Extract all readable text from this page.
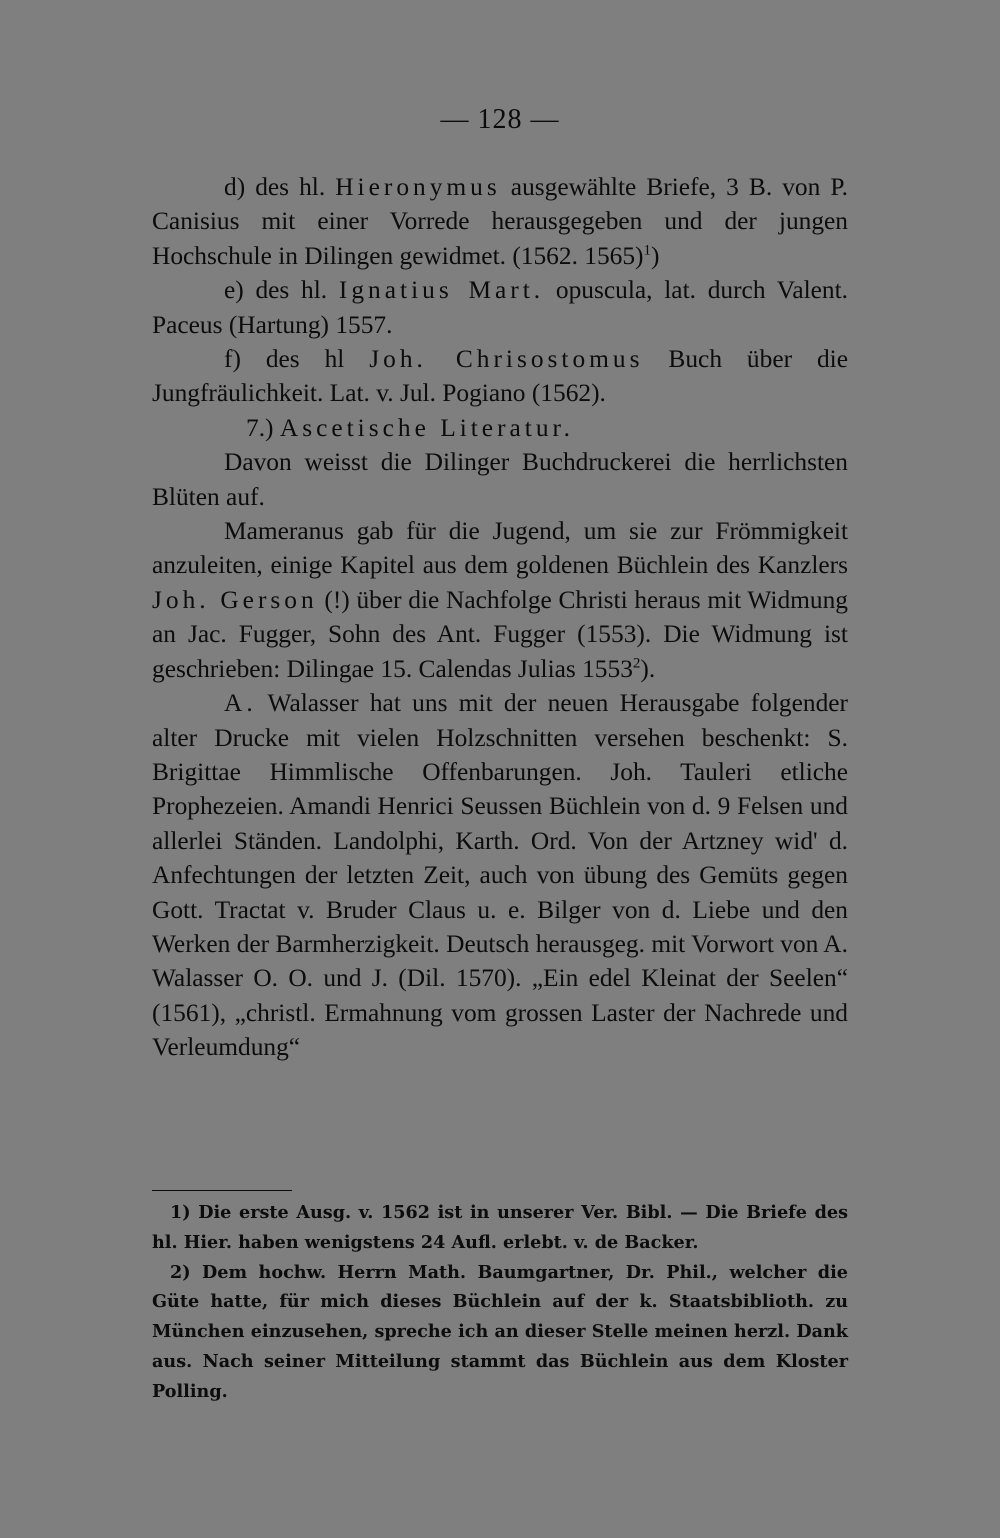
— 128 —

d) des hl. Hieronymus ausgewählte Briefe, 3 B. von P. Canisius mit einer Vorrede herausgegeben und der jungen Hochschule in Dilingen gewidmet. (1562. 1565)$^1$)

e) des hl. Ignatius Mart. opuscula, lat. durch Valent. Paceus (Hartung) 1557.

f) des hl Joh. Chrisostomus Buch über die Jungfräulichkeit. Lat. v. Jul. Pogiano (1562).

7.) Ascetische Literatur.

Davon weisst die Dilinger Buchdruckerei die herrlichsten Blüten auf.

Mameranus gab für die Jugend, um sie zur Frömmigkeit anzuleiten, einige Kapitel aus dem goldenen Büchlein des Kanzlers Joh. Gerson (!) über die Nachfolge Christi heraus mit Widmung an Jac. Fugger, Sohn des Ant. Fugger (1553). Die Widmung ist geschrieben: Dilingae 15. Calendas Julias 1553$^2$).

A. Walasser hat uns mit der neuen Herausgabe folgender alter Drucke mit vielen Holzschnitten versehen beschenkt: S. Brigittae Himmlische Offenbarungen. Joh. Tauleri etliche Prophezeien. Amandi Henrici Seussen Büchlein von d. 9 Felsen und allerlei Ständen. Landolphi, Karth. Ord. Von der Artzney wid' d. Anfechtungen der letzten Zeit, auch von übung des Gemüts gegen Gott. Tractat v. Bruder Claus u. e. Bilger von d. Liebe und den Werken der Barmherzigkeit. Deutsch herausgeg. mit Vorwort von A. Walasser O. O. und J. (Dil. 1570). „Ein edel Kleinat der Seelen“ (1561), „christl. Ermahnung vom grossen Laster der Nachrede und Verleumdung“

1) Die erste Ausg. v. 1562 ist in unserer Ver. Bibl. — Die Briefe des hl. Hier. haben wenigstens 24 Aufl. erlebt. v. de Backer.

2) Dem hochw. Herrn Math. Baumgartner, Dr. Phil., welcher die Güte hatte, für mich dieses Büchlein auf der k. Staatsbiblioth. zu München einzusehen, spreche ich an dieser Stelle meinen herzl. Dank aus. Nach seiner Mitteilung stammt das Büchlein aus dem Kloster Polling.
